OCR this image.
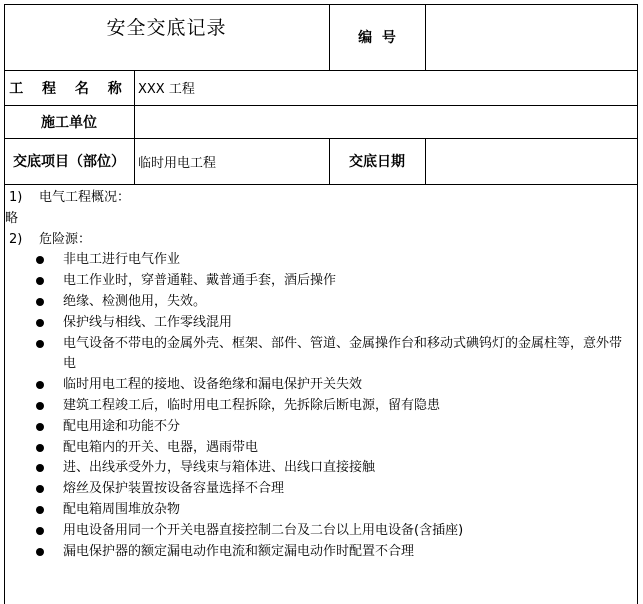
安全交底记录	编  号
工 程 名 称 XXX 工程
施工单位
交底项目（部位）	临时用电工程	交底日期
1) 电气工程概况：
略
2) 危险源：
非电工进行电气作业
电工作业时，穿普通鞋、戴普通手套，酒后操作
绝缘、检测他用，失效。
保护线与相线、工作零线混用
电气设备不带电的金属外壳、框架、部件、管道、金属操作台和移动式碘钨灯的金属柱等，意外带电
临时用电工程的接地、设备绝缘和漏电保护开关失效
建筑工程竣工后，临时用电工程拆除，先拆除后断电源，留有隐患
配电用途和功能不分
配电箱内的开关、电器，遇雨带电
进、出线承受外力，导线束与箱体进、出线口直接接触
熔丝及保护装置按设备容量选择不合理
配电箱周围堆放杂物
用电设备用同一个开关电器直接控制二台及二台以上用电设备(含插座)
漏电保护器的额定漏电动作电流和额定漏电动作时配置不合理
